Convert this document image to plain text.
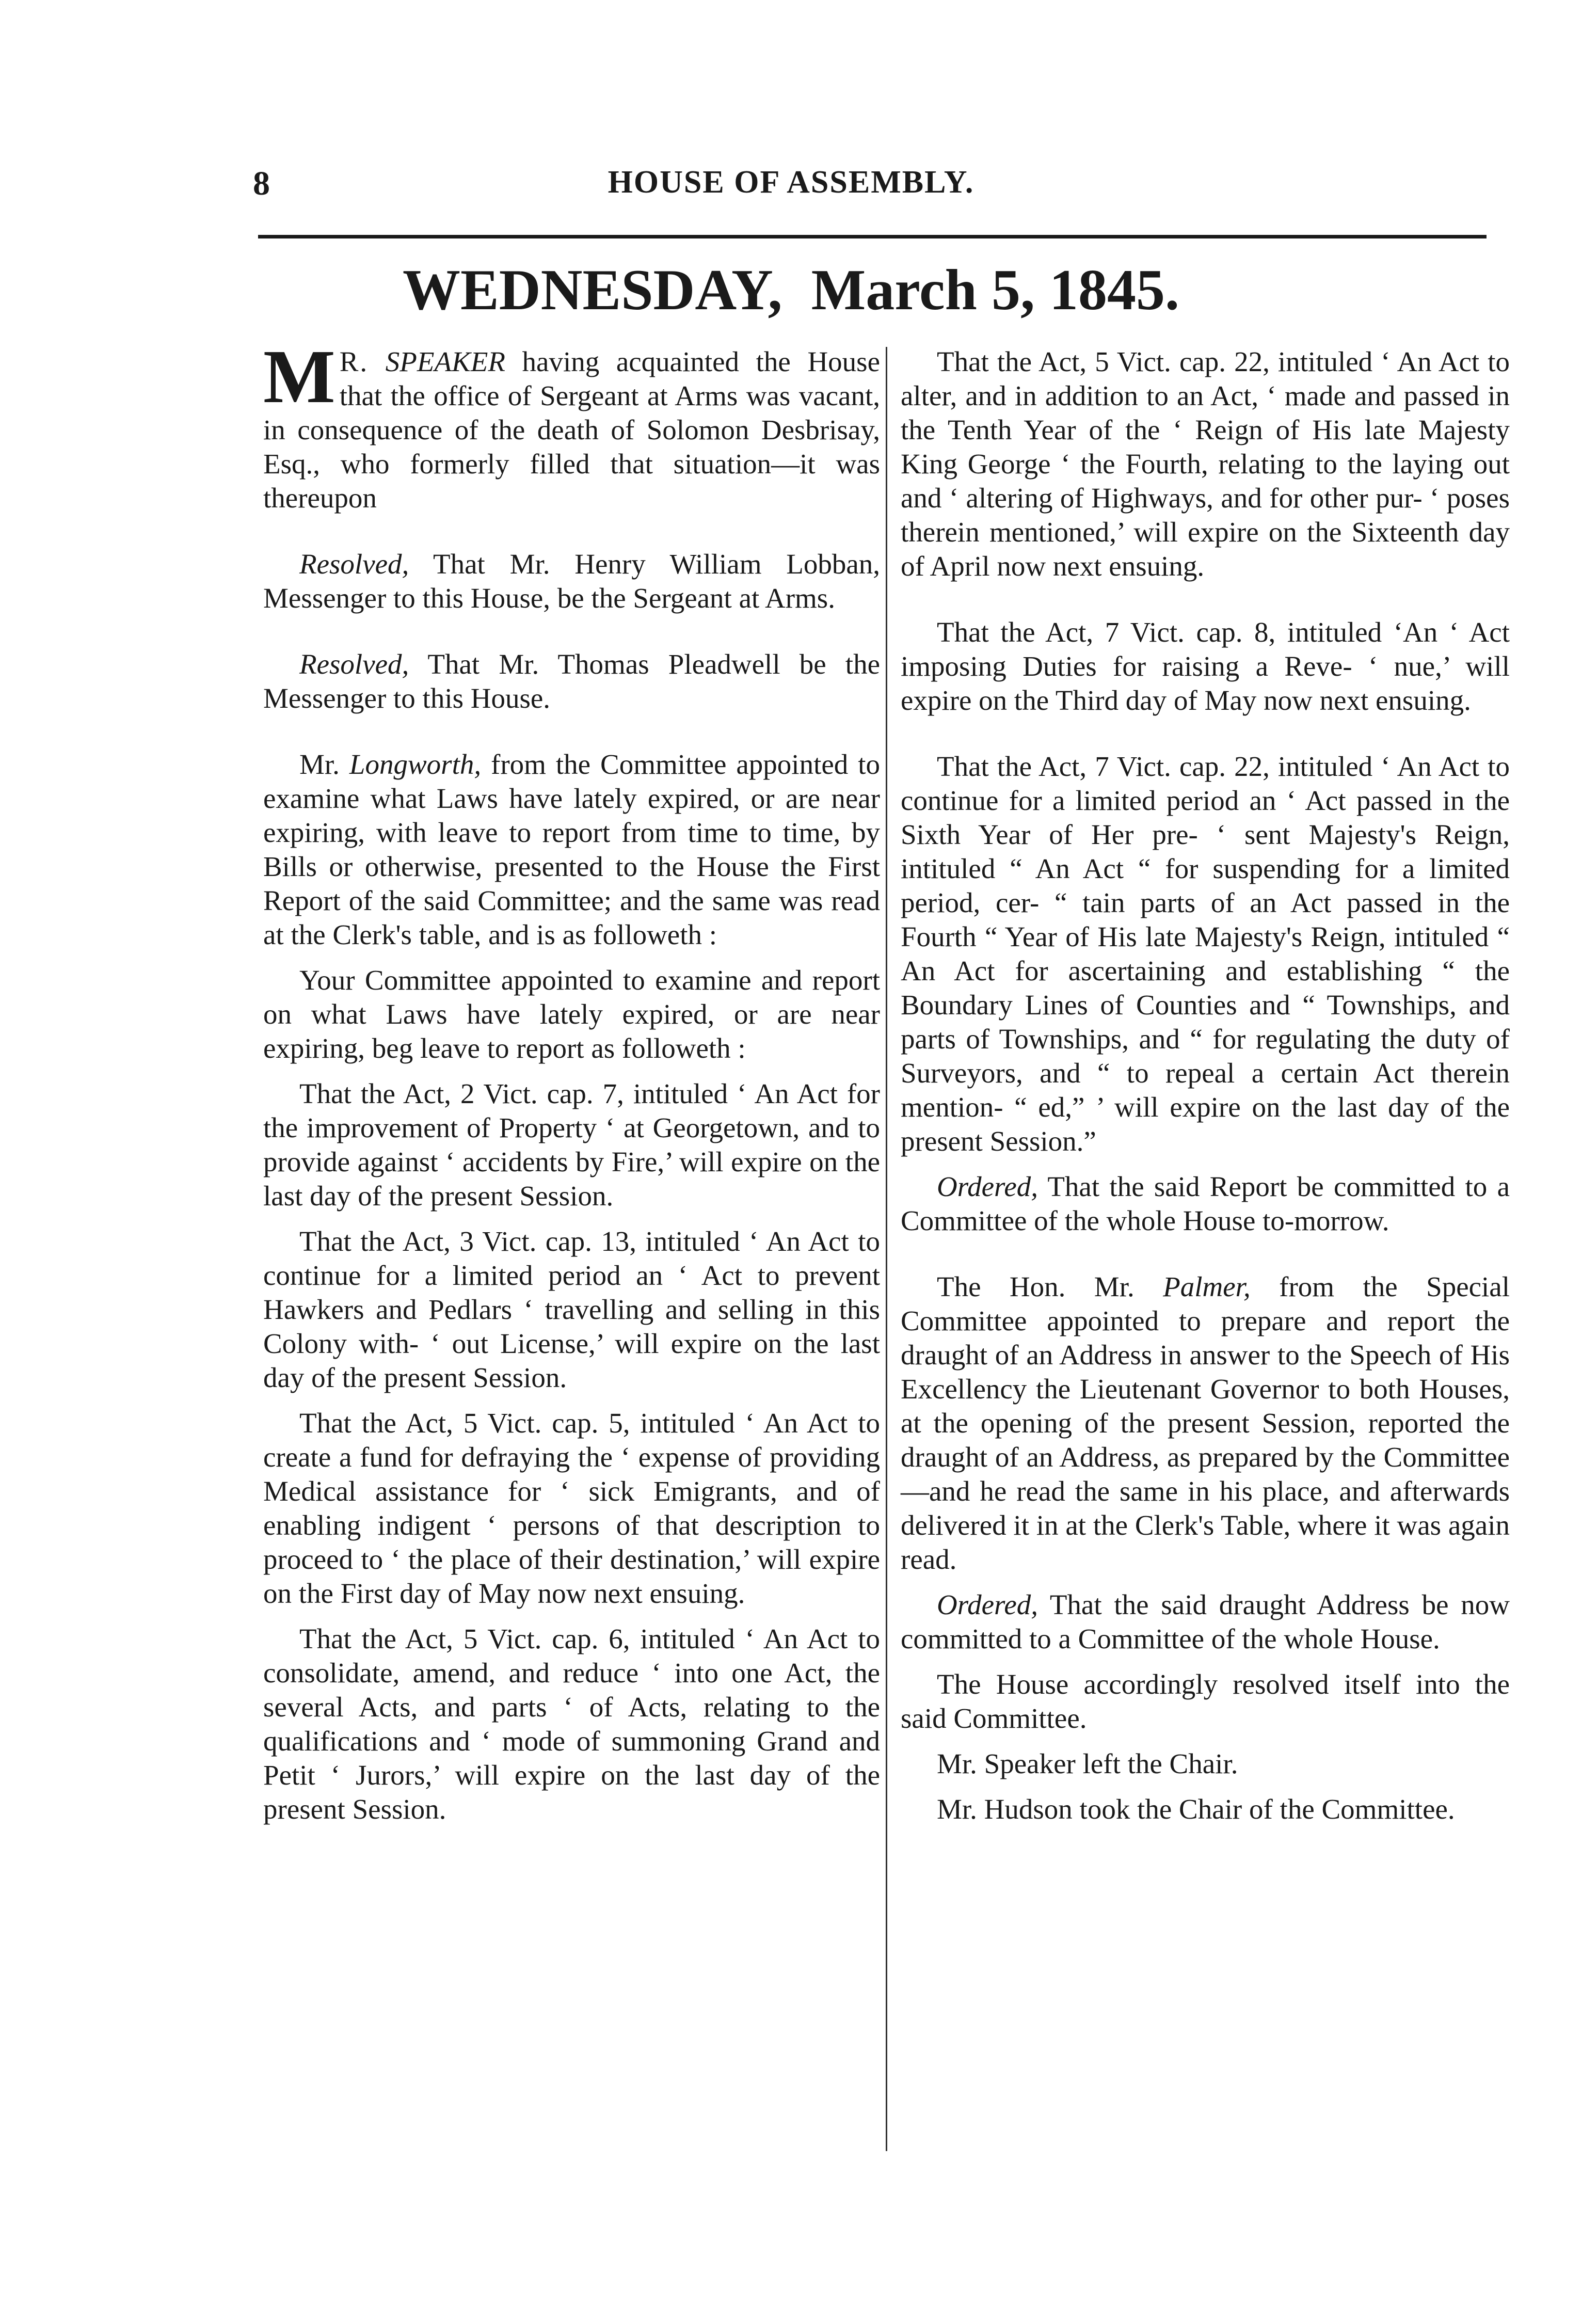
8	HOUSE OF ASSEMBLY.
WEDNESDAY, March 5, 1845.

M R. SPEAKER having acquainted the House that the office of Sergeant at Arms was vacant, in consequence of the death of Solomon Desbrisay, Esq., who formerly filled that situation—it was thereupon

Resolved, That Mr. Henry William Lobban, Messenger to this House, be the Sergeant at Arms.

Resolved, That Mr. Thomas Pleadwell be the Messenger to this House.

Mr. Longworth, from the Committee appointed to examine what Laws have lately expired, or are near expiring, with leave to report from time to time, by Bills or otherwise, presented to the House the First Report of the said Committee; and the same was read at the Clerk's table, and is as followeth :

Your Committee appointed to examine and report on what Laws have lately expired, or are near expiring, beg leave to report as followeth :

That the Act, 2 Vict. cap. 7, intituled ‘ An Act for the improvement of Property ‘ at Georgetown, and to provide against ‘ accidents by Fire,’ will expire on the last day of the present Session.

That the Act, 3 Vict. cap. 13, intituled ‘ An Act to continue for a limited period an ‘ Act to prevent Hawkers and Pedlars ‘ travelling and selling in this Colony with- ‘ out License,’ will expire on the last day of the present Session.

That the Act, 5 Vict. cap. 5, intituled ‘ An Act to create a fund for defraying the ‘ expense of providing Medical assistance for ‘ sick Emigrants, and of enabling indigent ‘ persons of that description to proceed to ‘ the place of their destination,’ will expire on the First day of May now next ensuing.

That the Act, 5 Vict. cap. 6, intituled ‘ An Act to consolidate, amend, and reduce ‘ into one Act, the several Acts, and parts ‘ of Acts, relating to the qualifications and ‘ mode of summoning Grand and Petit ‘ Jurors,’ will expire on the last day of the present Session.

That the Act, 5 Vict. cap. 22, intituled ‘ An Act to alter, and in addition to an Act, ‘ made and passed in the Tenth Year of the ‘ Reign of His late Majesty King George ‘ the Fourth, relating to the laying out and ‘ altering of Highways, and for other pur- ‘ poses therein mentioned,’ will expire on the Sixteenth day of April now next ensuing.

That the Act, 7 Vict. cap. 8, intituled ‘An ‘ Act imposing Duties for raising a Reve- ‘ nue,’ will expire on the Third day of May now next ensuing.

That the Act, 7 Vict. cap. 22, intituled ‘ An Act to continue for a limited period an ‘ Act passed in the Sixth Year of Her pre- ‘ sent Majesty's Reign, intituled “ An Act “ for suspending for a limited period, cer- “ tain parts of an Act passed in the Fourth “ Year of His late Majesty's Reign, intituled “ An Act for ascertaining and establishing “ the Boundary Lines of Counties and “ Townships, and parts of Townships, and “ for regulating the duty of Surveyors, and “ to repeal a certain Act therein mention- “ ed,” ’ will expire on the last day of the present Session.”

Ordered, That the said Report be committed to a Committee of the whole House to-morrow.

The Hon. Mr. Palmer, from the Special Committee appointed to prepare and report the draught of an Address in answer to the Speech of His Excellency the Lieutenant Governor to both Houses, at the opening of the present Session, reported the draught of an Address, as prepared by the Committee—and he read the same in his place, and afterwards delivered it in at the Clerk's Table, where it was again read.

Ordered, That the said draught Address be now committed to a Committee of the whole House.

The House accordingly resolved itself into the said Committee.

Mr. Speaker left the Chair.

Mr. Hudson took the Chair of the Committee.
